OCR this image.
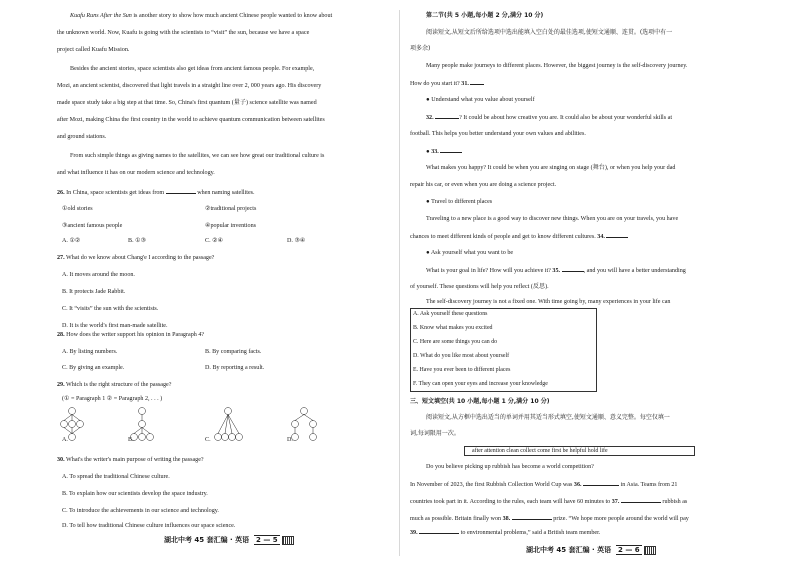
Kuafu Runs After the Sun is another story to show how much ancient Chinese people wanted to know about
the unknown world. Now, Kuafu is going with the scientists to “visit” the sun, because we have a space
project called Kuafu Mission.
Besides the ancient stories, space scientists also get ideas from ancient famous people. For example,
Mozi, an ancient scientist, discovered that light travels in a straight line over 2, 000 years ago. His discovery
made space study take a big step at that time. So, China's first quantum (量子) science satellite was named
after Mozi, making China the first country in the world to achieve quantum communication between satellites
and ground stations.
From such simple things as giving names to the satellites, we can see how great our traditional culture is
and what influence it has on our modern science and technology.
26. In China, space scientists get ideas from	when naming satellites.
①old stories	②traditional projects
③ancient famous people	④popular inventions
A. ①②	B. ①③	C. ②④	D. ③④
27. What do we know about Chang'e I according to the passage?
A. It moves around the moon.
B. It protects Jade Rabbit.
C. It “visits” the sun with the scientists.
D. It is the world's first man-made satellite.
28. How does the writer support his opinion in Paragraph 4?
A. By listing numbers.	B. By comparing facts.
C. By giving an example.	D. By reporting a result.
29. Which is the right structure of the passage?
(① = Paragraph 1 ② = Paragraph 2, . . . )
A.	B.	C.	D.
30. What's the writer's main purpose of writing the passage?
A. To spread the traditional Chinese culture.
B. To explain how our scientists develop the space industry.
C. To introduce the achievements in our science and technology.
D. To tell how traditional Chinese culture influences our space science.
湖北中考 45 套汇编 · 英语 2 — 5
第二节(共 5 小题,每小题 2 分,满分 10 分)
阅读短文,从短文后所给选项中选出能填入空白处的最佳选项,使短文通顺、连贯。(选项中有一
项多余)
Many people make journeys to different places. However, the biggest journey is the self-discovery journey.
How do you start it? 31.
● Understand what you value about yourself
32.	? It could be about how creative you are. It could also be about your wonderful skills at
football. This helps you better understand your own values and abilities.
● 33.
What makes you happy? It could be when you are singing on stage (舞台), or when you help your dad
repair his car, or even when you are doing a science project.
● Travel to different places
Traveling to a new place is a good way to discover new things. When you are on your travels, you have
chances to meet different kinds of people and get to know different cultures. 34.
● Ask yourself what you want to be
What is your goal in life? How will you achieve it? 35.	, and you will have a better understanding
of yourself. These questions will help you reflect (反思).
A. Ask yourself these questions
B. Know what makes you excited
C. Here are some things you can do
D. What do you like most about yourself
E. Have you ever been to different places
F. They can open your eyes and increase your knowledge
三、短文填空(共 10 小题,每小题 1 分,满分 10 分)
阅读短文,从方框中选出适当的单词并用其适当形式填空,使短文通顺、意义完整。每空仅填一
词,每词限用一次。
after attention clean collect come first be helpful hold life
Do you believe picking up rubbish has become a world competition?
In November of 2023, the first Rubbish Collection World Cup was 36.	in Asia. Teams from 21
countries took part in it. According to the rules, each team will have 60 minutes to 37.	rubbish as
much as possible. Britain finally won 38.	prize. “We hope more people around the world will pay
39.	to environmental problems,” said a British team member.
湖北中考 45 套汇编 · 英语 2 — 6
The self-discovery journey is not a fixed one. With time going by, many experiences in your life can
